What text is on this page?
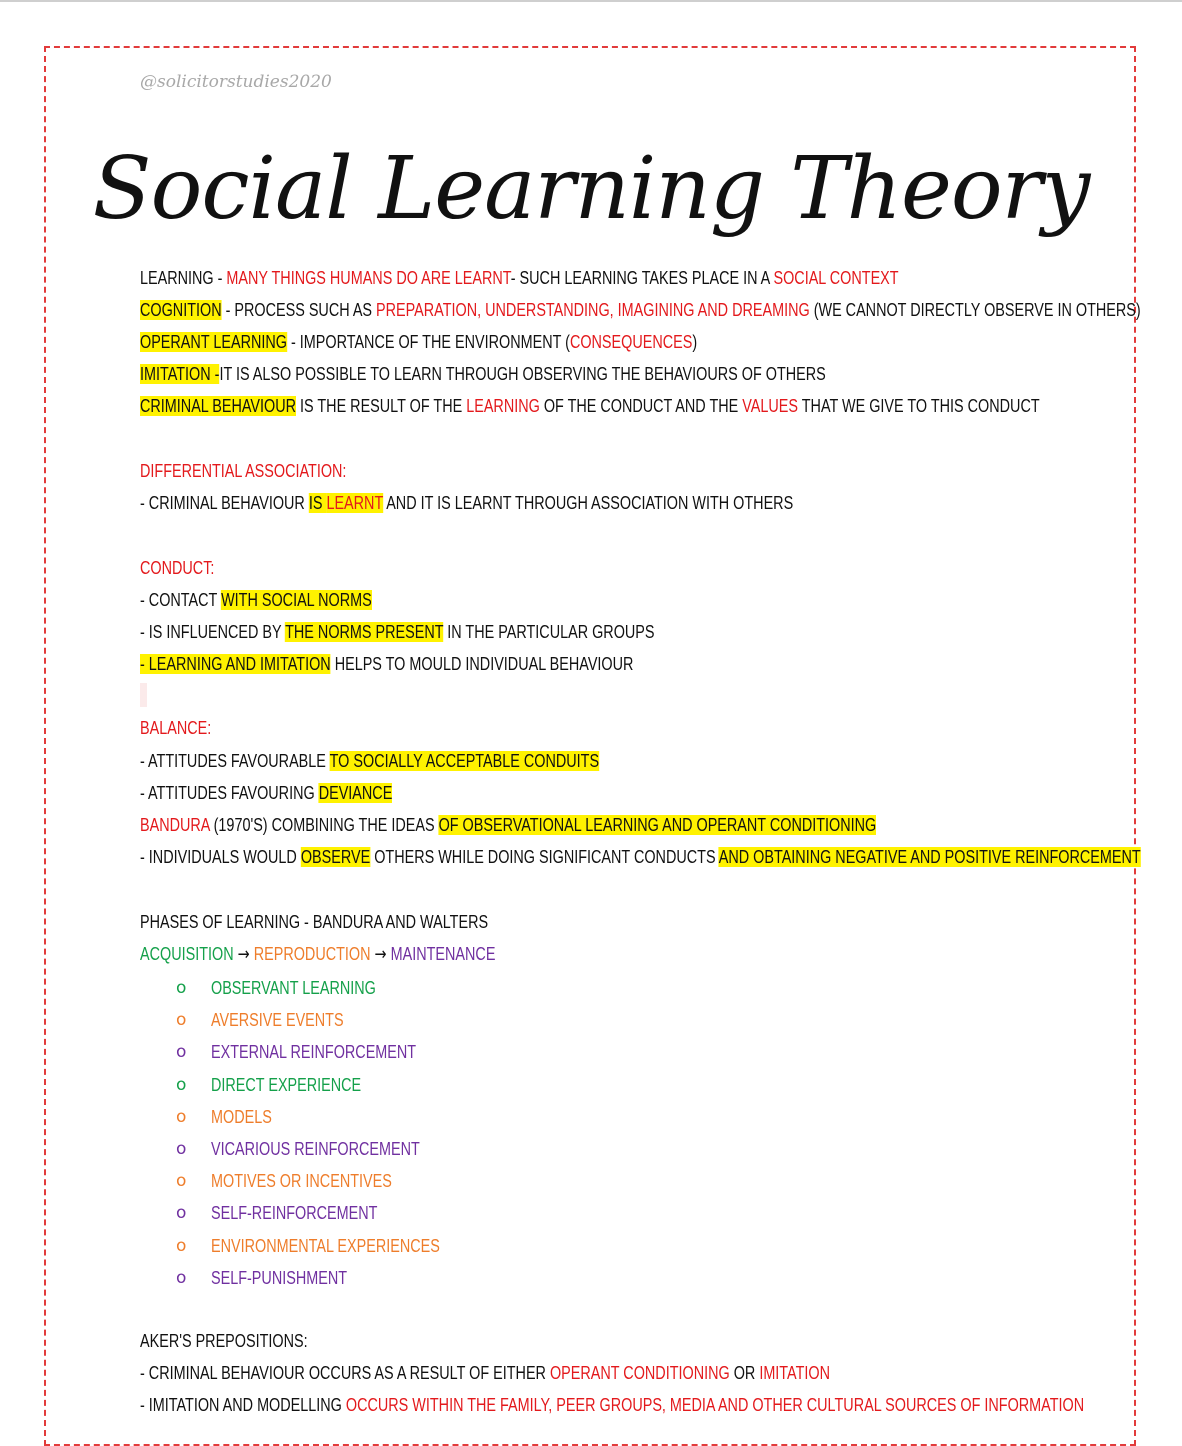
@solicitorstudies2020
Social Learning Theory
LEARNING - MANY THINGS HUMANS DO ARE LEARNT- SUCH LEARNING TAKES PLACE IN A SOCIAL CONTEXT
COGNITION - PROCESS SUCH AS PREPARATION, UNDERSTANDING, IMAGINING AND DREAMING (WE CANNOT DIRECTLY OBSERVE IN OTHERS)
OPERANT LEARNING - IMPORTANCE OF THE ENVIRONMENT (CONSEQUENCES)
IMITATION -IT IS ALSO POSSIBLE TO LEARN THROUGH OBSERVING THE BEHAVIOURS OF OTHERS
CRIMINAL BEHAVIOUR IS THE RESULT OF THE LEARNING OF THE CONDUCT AND THE VALUES THAT WE GIVE TO THIS CONDUCT
DIFFERENTIAL ASSOCIATION:
- CRIMINAL BEHAVIOUR IS LEARNT AND IT IS LEARNT THROUGH ASSOCIATION WITH OTHERS
CONDUCT:
- CONTACT WITH SOCIAL NORMS
- IS INFLUENCED BY THE NORMS PRESENT IN THE PARTICULAR GROUPS
- LEARNING AND IMITATION HELPS TO MOULD INDIVIDUAL BEHAVIOUR
BALANCE:
- ATTITUDES FAVOURABLE TO SOCIALLY ACCEPTABLE CONDUITS
- ATTITUDES FAVOURING DEVIANCE
BANDURA (1970'S) COMBINING THE IDEAS OF OBSERVATIONAL LEARNING AND OPERANT CONDITIONING
- INDIVIDUALS WOULD OBSERVE OTHERS WHILE DOING SIGNIFICANT CONDUCTS AND OBTAINING NEGATIVE AND POSITIVE REINFORCEMENT
PHASES OF LEARNING - BANDURA AND WALTERS
ACQUISITION → REPRODUCTION → MAINTENANCE
o OBSERVANT LEARNING
o AVERSIVE EVENTS
o EXTERNAL REINFORCEMENT
o DIRECT EXPERIENCE
o MODELS
o VICARIOUS REINFORCEMENT
o MOTIVES OR INCENTIVES
o SELF-REINFORCEMENT
o ENVIRONMENTAL EXPERIENCES
o SELF-PUNISHMENT
AKER'S PREPOSITIONS:
- CRIMINAL BEHAVIOUR OCCURS AS A RESULT OF EITHER OPERANT CONDITIONING OR IMITATION
- IMITATION AND MODELLING OCCURS WITHIN THE FAMILY, PEER GROUPS, MEDIA AND OTHER CULTURAL SOURCES OF INFORMATION
